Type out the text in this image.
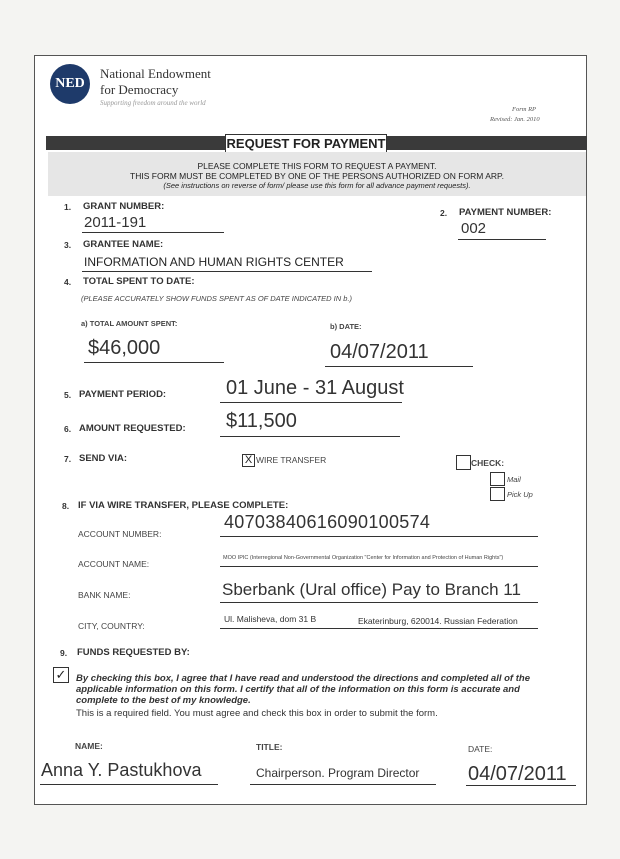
NED
National Endowment
for Democracy
Supporting freedom around the world
Form RP
Revised: Jan. 2010
REQUEST FOR PAYMENT
PLEASE COMPLETE THIS FORM TO REQUEST A PAYMENT.
THIS FORM MUST BE COMPLETED BY ONE OF THE PERSONS AUTHORIZED ON FORM ARP.
(See instructions on reverse of form/ please use this form for all advance payment requests).
1. GRANT NUMBER:
2011-191
2. PAYMENT NUMBER:
002
3. GRANTEE NAME:
INFORMATION AND HUMAN RIGHTS CENTER
4. TOTAL SPENT TO DATE:
(PLEASE ACCURATELY SHOW FUNDS SPENT AS OF DATE INDICATED IN b.)
a) TOTAL AMOUNT SPENT:
$46,000
b) DATE:
04/07/2011
5. PAYMENT PERIOD:	01 June - 31 August
6. AMOUNT REQUESTED: $11,500
7. SEND VIA:	X WIRE TRANSFER	CHECK:
Mail
Pick Up
8. IF VIA WIRE TRANSFER, PLEASE COMPLETE:
ACCOUNT NUMBER:
40703840616090100574
ACCOUNT NAME:
MOO IPIC (Interregional Non-Governmental Organization "Center for Information and Protection of Human Rights")
BANK NAME:	Sberbank (Ural office) Pay to Branch 11
CITY, COUNTRY:
Ul. Malisheva, dom 31 B	Ekaterinburg, 620014. Russian Federation
9. FUNDS REQUESTED BY:
✓ By checking this box, I agree that I have read and understood the directions and completed all of the applicable information on this form. I certify that all of the information on this form is accurate and complete to the best of my knowledge.
This is a required field. You must agree and check this box in order to submit the form.
NAME:
Anna Y. Pastukhova
TITLE:
Chairperson. Program Director
DATE:
04/07/2011
